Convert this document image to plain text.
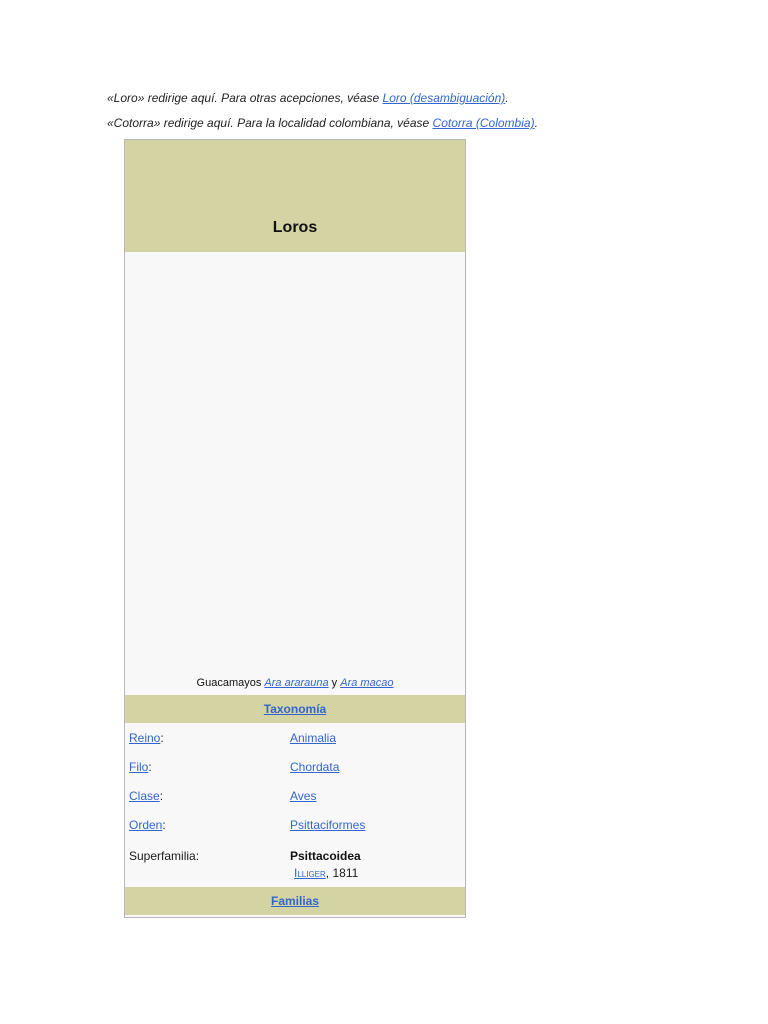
«Loro» redirige aquí. Para otras acepciones, véase Loro (desambiguación).
«Cotorra» redirige aquí. Para la localidad colombiana, véase Cotorra (Colombia).
Loros
Guacamayos Ara ararauna y Ara macao
Taxonomía
Reino:	Animalia
Filo:	Chordata
Clase:	Aves
Orden:	Psittaciformes
Superfamilia:	Psittacoidea
Illiger, 1811
Familias
